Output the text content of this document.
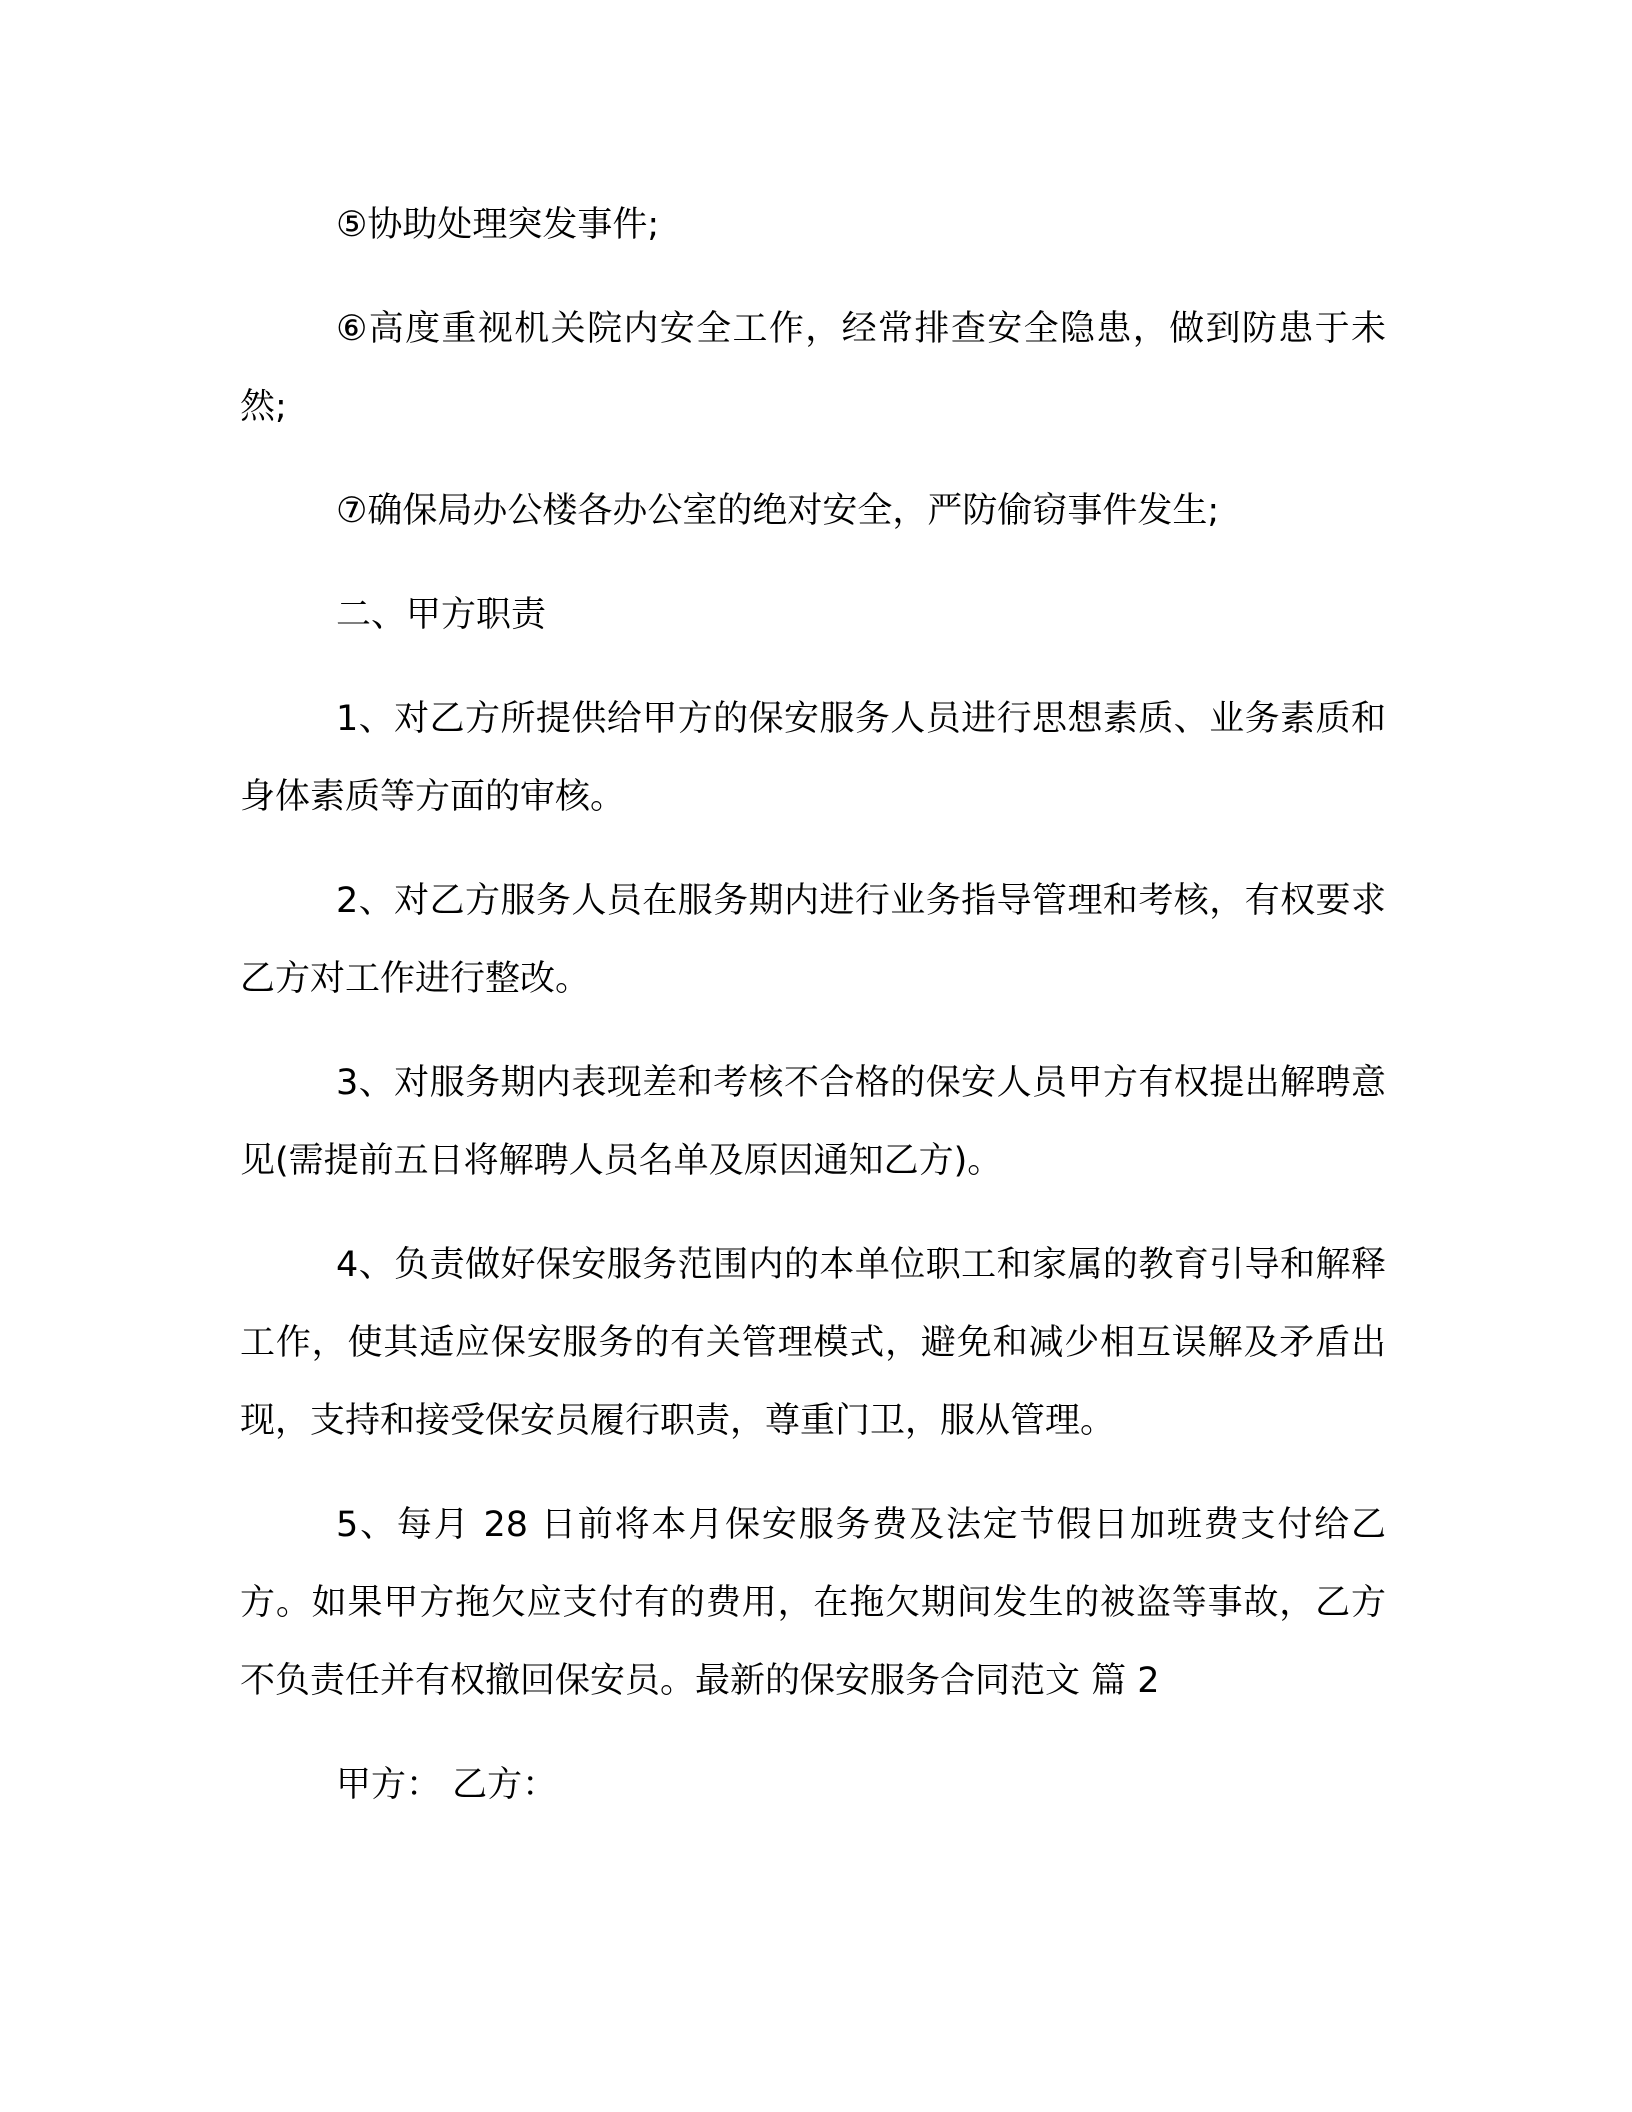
⑤协助处理突发事件;

⑥高度重视机关院内安全工作，经常排查安全隐患，做到防患于未然;

⑦确保局办公楼各办公室的绝对安全，严防偷窃事件发生;

二、甲方职责

1、对乙方所提供给甲方的保安服务人员进行思想素质、业务素质和身体素质等方面的审核。

2、对乙方服务人员在服务期内进行业务指导管理和考核，有权要求乙方对工作进行整改。

3、对服务期内表现差和考核不合格的保安人员甲方有权提出解聘意见(需提前五日将解聘人员名单及原因通知乙方)。

4、负责做好保安服务范围内的本单位职工和家属的教育引导和解释工作，使其适应保安服务的有关管理模式，避免和减少相互误解及矛盾出现，支持和接受保安员履行职责，尊重门卫，服从管理。

5、每月 28 日前将本月保安服务费及法定节假日加班费支付给乙方。如果甲方拖欠应支付有的费用，在拖欠期间发生的被盗等事故，乙方不负责任并有权撤回保安员。最新的保安服务合同范文 篇 2

甲方： 乙方：
